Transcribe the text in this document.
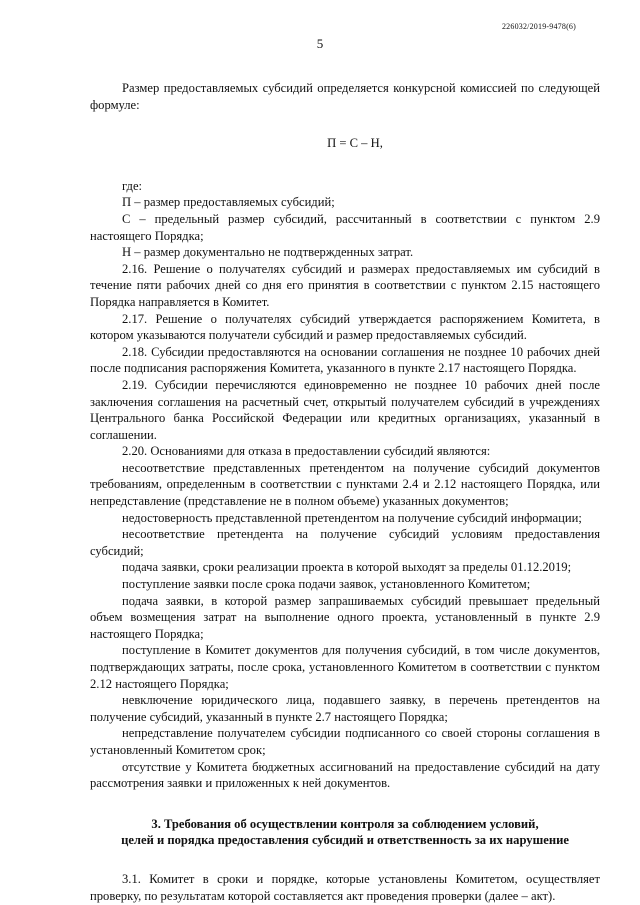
226032/2019-9478(6)
5

Размер предоставляемых субсидий определяется конкурсной комиссией по следующей формуле:

П = С – Н,

где:

П – размер предоставляемых субсидий;

С – предельный размер субсидий, рассчитанный в соответствии с пунктом 2.9 настоящего Порядка;

Н – размер документально не подтвержденных затрат.

2.16. Решение о получателях субсидий и размерах предоставляемых им субсидий в течение пяти рабочих дней со дня его принятия в соответствии с пунктом 2.15 настоящего Порядка направляется в Комитет.

2.17. Решение о получателях субсидий утверждается распоряжением Комитета, в котором указываются получатели субсидий и размер предоставляемых субсидий.

2.18. Субсидии предоставляются на основании соглашения не позднее 10 рабочих дней после подписания распоряжения Комитета, указанного в пункте 2.17 настоящего Порядка.

2.19. Субсидии перечисляются единовременно не позднее 10 рабочих дней после заключения соглашения на расчетный счет, открытый получателем субсидий в учреждениях Центрального банка Российской Федерации или кредитных организациях, указанный в соглашении.

2.20. Основаниями для отказа в предоставлении субсидий являются:

несоответствие представленных претендентом на получение субсидий документов требованиям, определенным в соответствии с пунктами 2.4 и 2.12 настоящего Порядка, или непредставление (представление не в полном объеме) указанных документов;

недостоверность представленной претендентом на получение субсидий информации;

несоответствие претендента на получение субсидий условиям предоставления субсидий;

подача заявки, сроки реализации проекта в которой выходят за пределы 01.12.2019;

поступление заявки после срока подачи заявок, установленного Комитетом;

подача заявки, в которой размер запрашиваемых субсидий превышает предельный объем возмещения затрат на выполнение одного проекта, установленный в пункте 2.9 настоящего Порядка;

поступление в Комитет документов для получения субсидий, в том числе документов, подтверждающих затраты, после срока, установленного Комитетом в соответствии с пунктом 2.12 настоящего Порядка;

невключение юридического лица, подавшего заявку, в перечень претендентов на получение субсидий, указанный в пункте 2.7 настоящего Порядка;

непредставление получателем субсидии подписанного со своей стороны соглашения в установленный Комитетом срок;

отсутствие у Комитета бюджетных ассигнований на предоставление субсидий на дату рассмотрения заявки и приложенных к ней документов.

3. Требования об осуществлении контроля за соблюдением условий,
целей и порядка предоставления субсидий и ответственность за их нарушение

3.1. Комитет в сроки и порядке, которые установлены Комитетом, осуществляет проверку, по результатам которой составляется акт проведения проверки (далее – акт).
